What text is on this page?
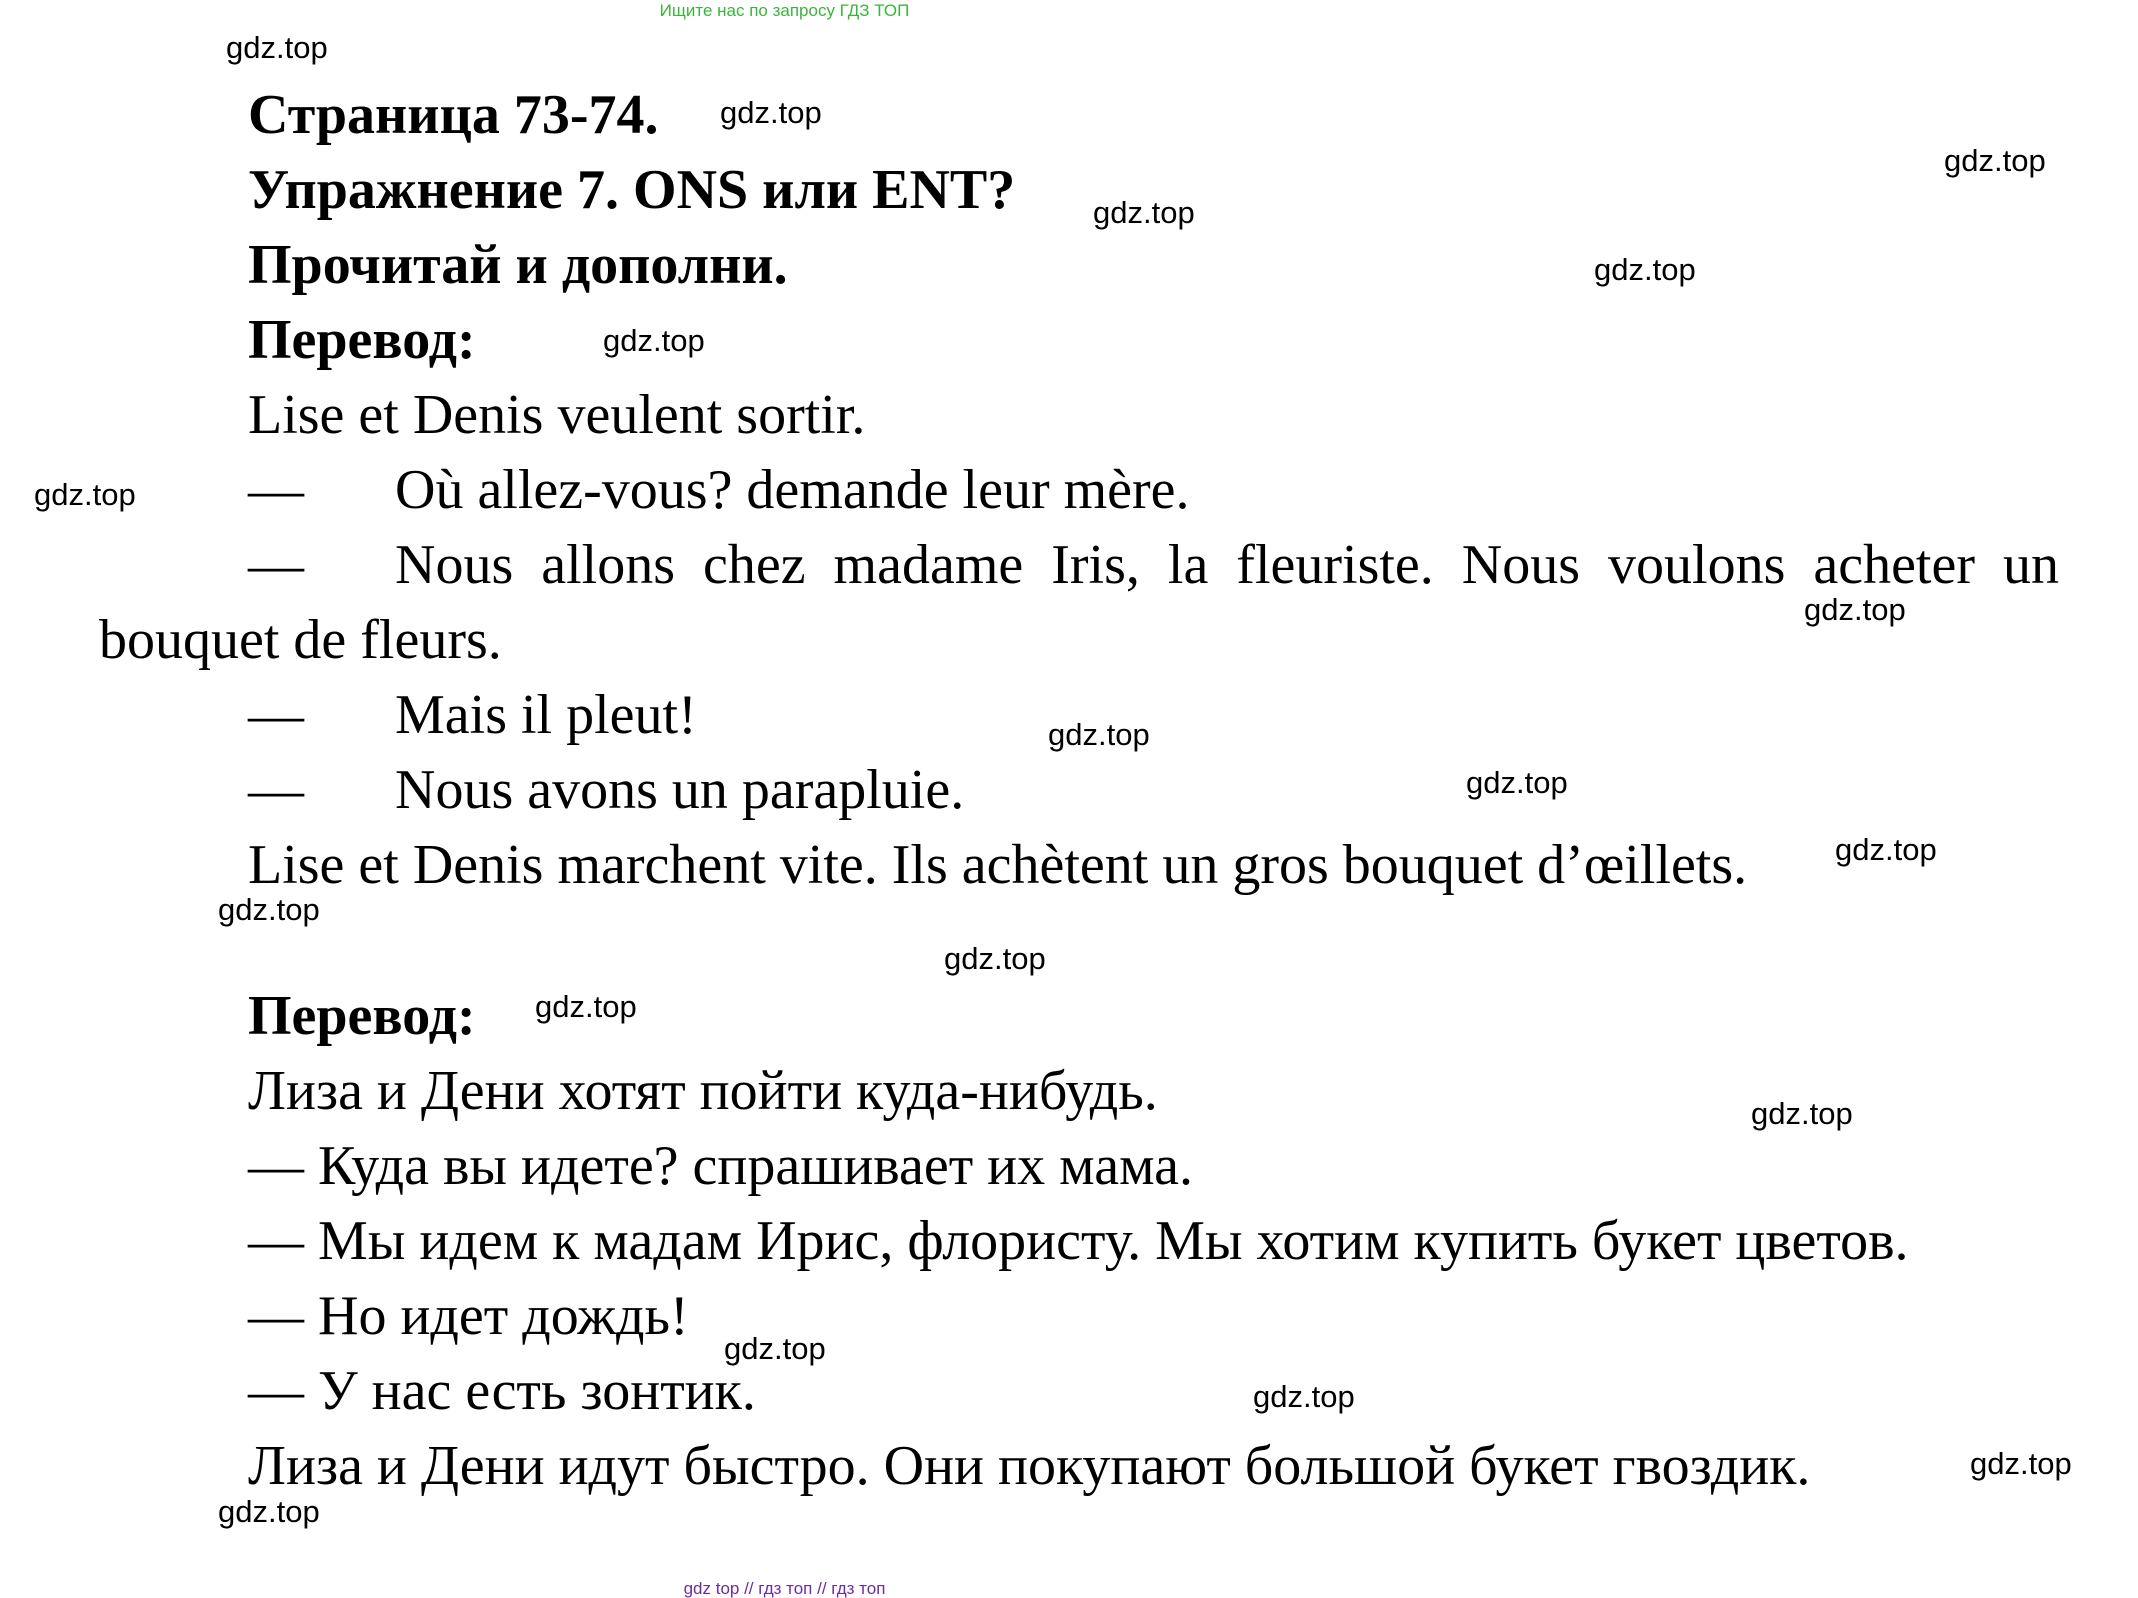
Ищите нас по запросу ГДЗ ТОП
Страница 73-74.
Упражнение 7. ONS или ENT?
Прочитай и дополни.
Перевод:
Lise et Denis veulent sortir.
— Où allez-vous? demande leur mère.
— Nous allons chez madame Iris, la fleuriste. Nous voulons acheter un
bouquet de fleurs.
— Mais il pleut!
— Nous avons un parapluie.
Lise et Denis marchent vite. Ils achètent un gros bouquet d’œillets.
Перевод:
Лиза и Дени хотят пойти куда-нибудь.
— Куда вы идете? спрашивает их мама.
— Мы идем к мадам Ирис, флористу. Мы хотим купить букет цветов.
— Но идет дождь!
— У нас есть зонтик.
Лиза и Дени идут быстро. Они покупают большой букет гвоздик.
gdz.top
gdz.top
gdz.top
gdz.top
gdz.top
gdz.top
gdz.top
gdz.top
gdz.top
gdz.top
gdz.top
gdz.top
gdz.top
gdz.top
gdz.top
gdz.top
gdz.top
gdz.top
gdz.top
gdz top // гдз топ // гдз топ
